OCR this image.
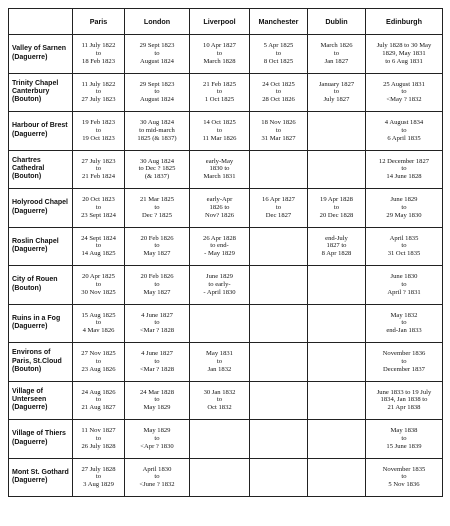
	Paris	London	Liverpool	Manchester	Dublin	Edinburgh
Valley of Sarnen (Daguerre)	11 July 1822
to
18 Feb 1823	29 Sept 1823
to
August 1824	10 Apr 1827
to
March 1828	5 Apr 1825
to
8 Oct 1825	March 1826
to
Jan 1827	July 1828 to 30 May
1829, May 1831
to 6 Aug 1831
Trinity Chapel Canterbury (Bouton)	11 July 1822
to
27 July 1823	29 Sept 1823
to
August 1824	21 Feb 1825
to
1 Oct 1825	24 Oct 1825
to
28 Oct 1826	January 1827
to
July 1827	25 August 1831
to
<May ? 1832
Harbour of Brest (Daguerre)	19 Feb 1823
to
19 Oct 1823	30 Aug 1824
to mid-march
1825 (& 1837)	14 Oct 1825
to
11 Mar 1826	18 Nov 1826
to
31 Mar 1827		4 August 1834
to
6 April 1835
Chartres Cathedral (Bouton)	27 July 1823
to
21 Feb 1824	30 Aug 1824
to Dec ? 1825
(& 1837)	early-May
1830 to
March 1831			12 December 1827
to
14 June 1828
Holyrood Chapel (Daguerre)	20 Oct 1823
to
23 Sept 1824	21 Mar 1825
to
Dec ? 1825	early-Apr
1826 to
Nov? 1826	16 Apr 1827
to
Dec 1827	19 Apr 1828
to
20 Dec 1828	June 1829
to
29 May 1830
Roslin Chapel (Daguerre)	24 Sept 1824
to
14 Aug 1825	20 Feb 1826
to
May 1827	26 Apr 1828
to end-
- May 1829		end-July
1827 to
8 Apr 1828	April 1835
to
31 Oct 1835
City of Rouen (Bouton)	20 Apr 1825
to
30 Nov 1825	20 Feb 1826
to
May 1827	June 1829
to early-
- April 1830			June 1830
to
April ? 1831
Ruins in a Fog (Daguerre)	15 Aug 1825
to
4 Mav 1826	4 June 1827
to
<Mar ? 1828				May 1832
to
end-Jan 1833
Environs of Paris, St.Cloud (Bouton)	27 Nov 1825
to
23 Aug 1826	4 June 1827
to
<Mar ? 1828	May 1831
to
Jan 1832			November 1836
to
December 1837
Village of Unterseen (Daguerre)	24 Aug 1826
to
21 Aug 1827	24 Mar 1828
to
May 1829	30 Jan 1832
to
Oct 1832			June 1833 to 19 July
1834, Jan 1838 to
21 Apr 1838
Village of Thiers (Daguerre)	11 Nov 1827
to
26 July 1828	May 1829
to
<Apr ? 1830				May 1838
to
15 June 1839
Mont St. Gothard (Daguerre)	27 July 1828
to
3 Aug 1829	April 1830
to
<June ? 1832				November 1835
to
5 Nov 1836
